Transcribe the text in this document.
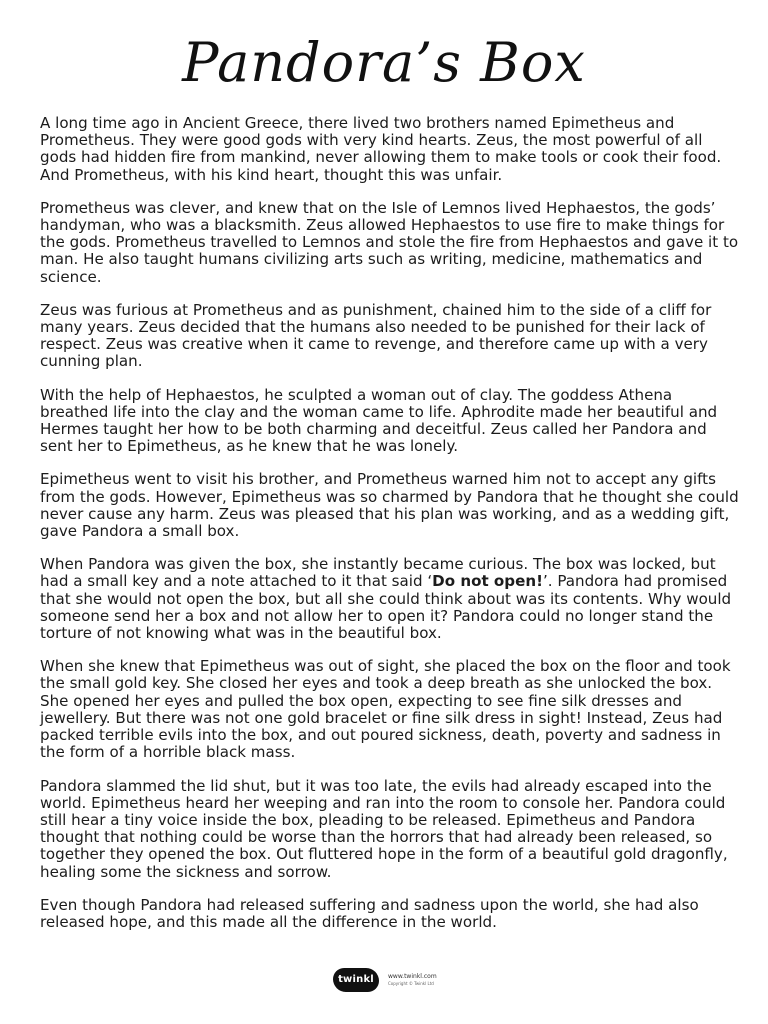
Pandora’s Box

A long time ago in Ancient Greece, there lived two brothers named Epimetheus and Prometheus. They were good gods with very kind hearts. Zeus, the most powerful of all gods had hidden fire from mankind, never allowing them to make tools or cook their food. And Prometheus, with his kind heart, thought this was unfair.

Prometheus was clever, and knew that on the Isle of Lemnos lived Hephaestos, the gods’ handyman, who was a blacksmith. Zeus allowed Hephaestos to use fire to make things for the gods. Prometheus travelled to Lemnos and stole the fire from Hephaestos and gave it to man. He also taught humans civilizing arts such as writing, medicine, mathematics and science.

Zeus was furious at Prometheus and as punishment, chained him to the side of a cliff for many years. Zeus decided that the humans also needed to be punished for their lack of respect. Zeus was creative when it came to revenge, and therefore came up with a very cunning plan.

With the help of Hephaestos, he sculpted a woman out of clay. The goddess Athena breathed life into the clay and the woman came to life. Aphrodite made her beautiful and Hermes taught her how to be both charming and deceitful. Zeus called her Pandora and sent her to Epimetheus, as he knew that he was lonely.

Epimetheus went to visit his brother, and Prometheus warned him not to accept any gifts from the gods. However, Epimetheus was so charmed by Pandora that he thought she could never cause any harm. Zeus was pleased that his plan was working, and as a wedding gift, gave Pandora a small box.

When Pandora was given the box, she instantly became curious. The box was locked, but had a small key and a note attached to it that said ‘Do not open!’. Pandora had promised that she would not open the box, but all she could think about was its contents. Why would someone send her a box and not allow her to open it? Pandora could no longer stand the torture of not knowing what was in the beautiful box.

When she knew that Epimetheus was out of sight, she placed the box on the floor and took the small gold key. She closed her eyes and took a deep breath as she unlocked the box. She opened her eyes and pulled the box open, expecting to see fine silk dresses and jewellery. But there was not one gold bracelet or fine silk dress in sight! Instead, Zeus had packed terrible evils into the box, and out poured sickness, death, poverty and sadness in the form of a horrible black mass.

Pandora slammed the lid shut, but it was too late, the evils had already escaped into the world. Epimetheus heard her weeping and ran into the room to console her. Pandora could still hear a tiny voice inside the box, pleading to be released. Epimetheus and Pandora thought that nothing could be worse than the horrors that had already been released, so together they opened the box. Out fluttered hope in the form of a beautiful gold dragonfly, healing some the sickness and sorrow.

Even though Pandora had released suffering and sadness upon the world, she had also released hope, and this made all the difference in the world.

twinkl	www.twinkl.com
Copyright © Twinkl Ltd
